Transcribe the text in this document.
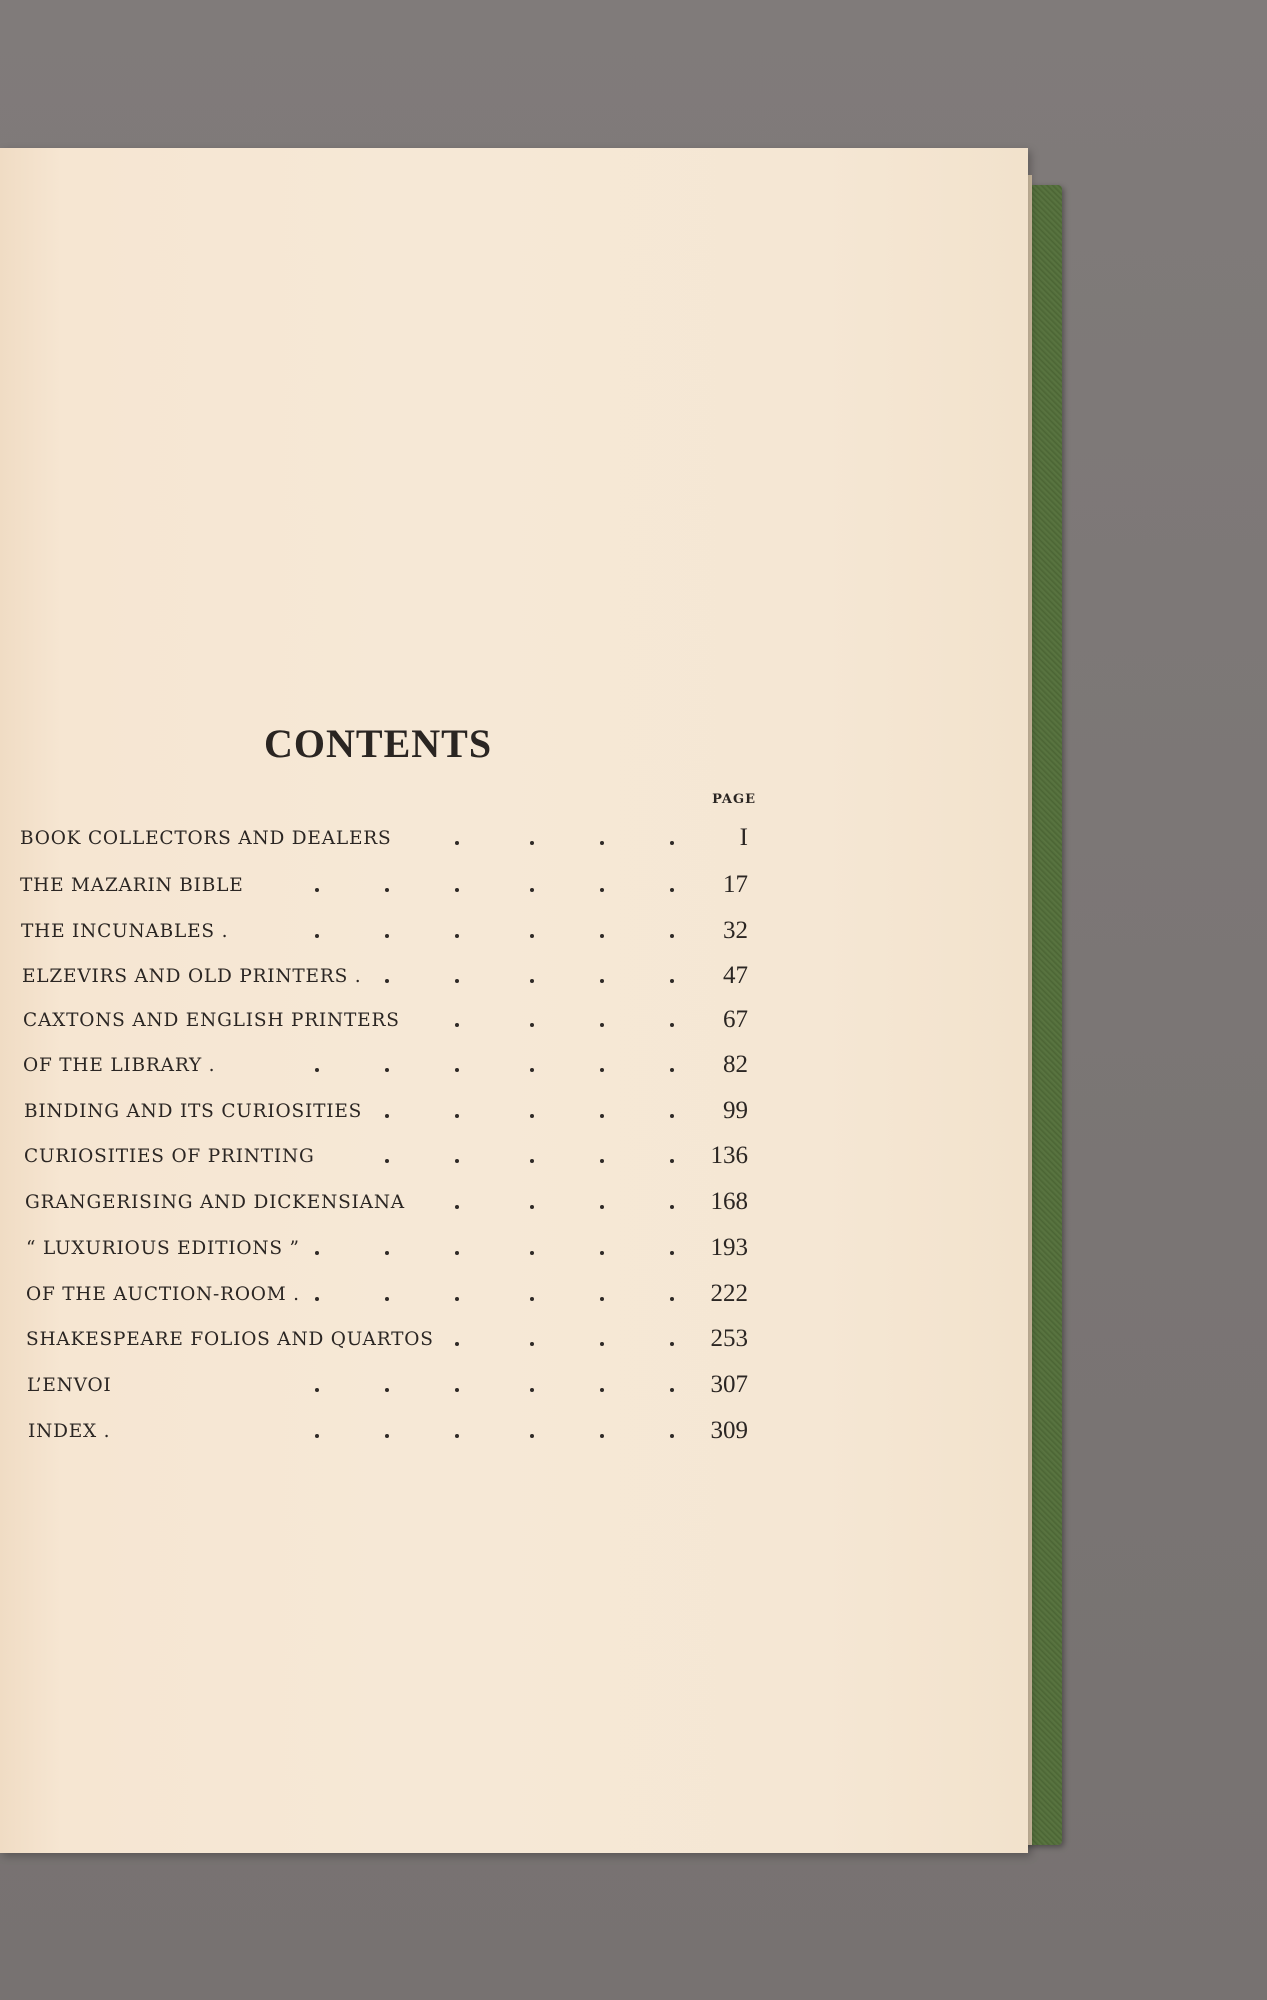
CONTENTS
PAGE
BOOK COLLECTORS AND DEALERS	I
THE MAZARIN BIBLE	17
THE INCUNABLES .	32
ELZEVIRS AND OLD PRINTERS .	47
CAXTONS AND ENGLISH PRINTERS	67
OF THE LIBRARY .	82
BINDING AND ITS CURIOSITIES	99
CURIOSITIES OF PRINTING	136
GRANGERISING AND DICKENSIANA	168
“ LUXURIOUS EDITIONS ”	193
OF THE AUCTION-ROOM .	222
SHAKESPEARE FOLIOS AND QUARTOS	253
L’ENVOI	307
INDEX .	309
